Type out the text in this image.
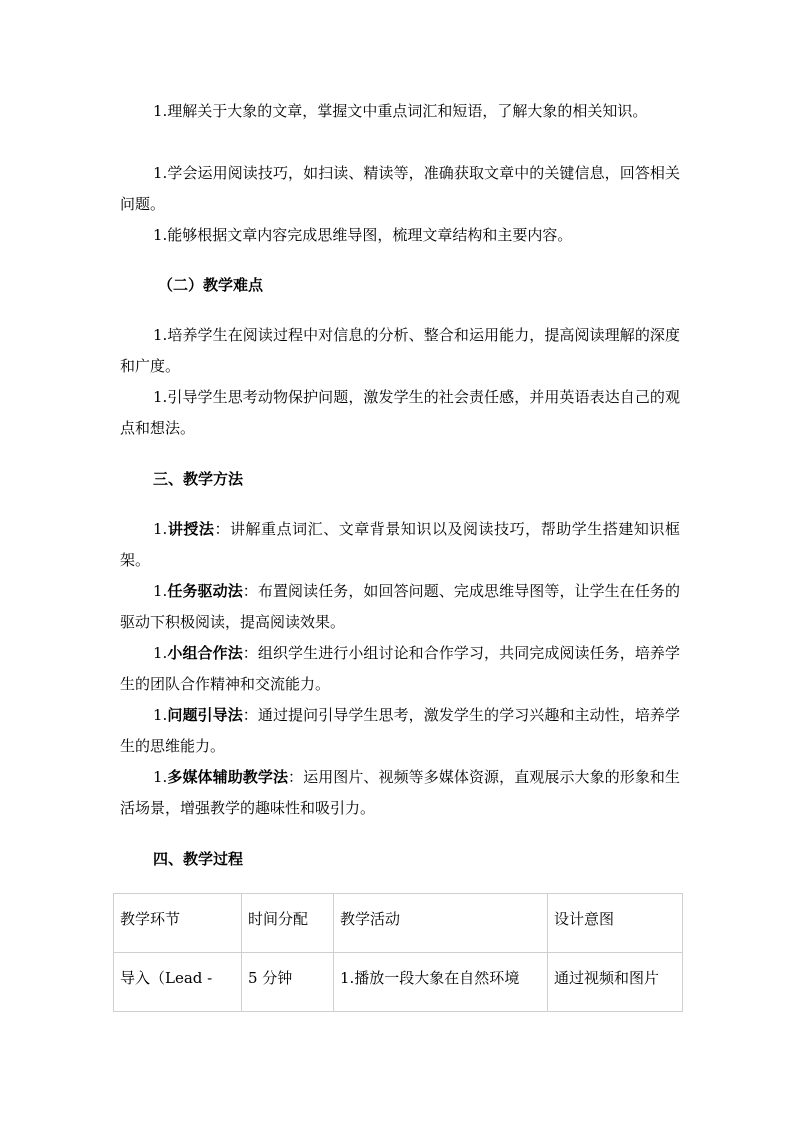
1.理解关于大象的文章，掌握文中重点词汇和短语，了解大象的相关知识。

1.学会运用阅读技巧，如扫读、精读等，准确获取文章中的关键信息，回答相关问题。

1.能够根据文章内容完成思维导图，梳理文章结构和主要内容。

（二）教学难点

1.培养学生在阅读过程中对信息的分析、整合和运用能力，提高阅读理解的深度和广度。

1.引导学生思考动物保护问题，激发学生的社会责任感，并用英语表达自己的观点和想法。

三、教学方法

1.讲授法：讲解重点词汇、文章背景知识以及阅读技巧，帮助学生搭建知识框架。

1.任务驱动法：布置阅读任务，如回答问题、完成思维导图等，让学生在任务的驱动下积极阅读，提高阅读效果。

1.小组合作法：组织学生进行小组讨论和合作学习，共同完成阅读任务，培养学生的团队合作精神和交流能力。

1.问题引导法：通过提问引导学生思考，激发学生的学习兴趣和主动性，培养学生的思维能力。

1.多媒体辅助教学法：运用图片、视频等多媒体资源，直观展示大象的形象和生活场景，增强教学的趣味性和吸引力。

四、教学过程

教学环节	时间分配	教学活动	设计意图
导入（Lead -	5 分钟	1.播放一段大象在自然环境	通过视频和图片
